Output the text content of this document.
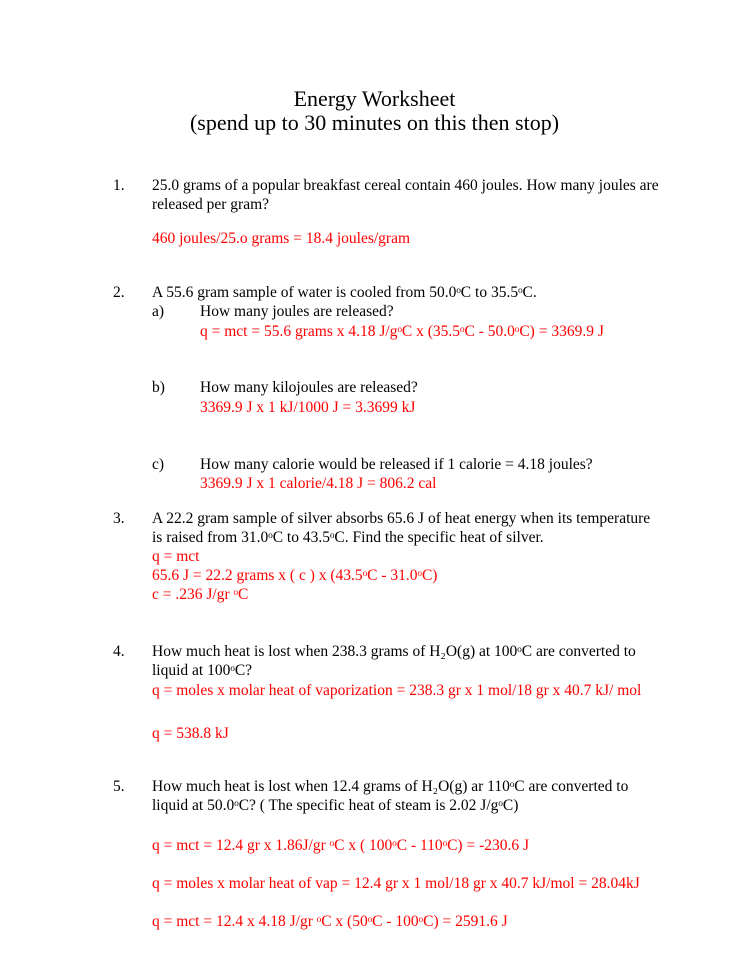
Energy Worksheet
(spend up to 30 minutes on this then stop)
1. 25.0 grams of a popular breakfast cereal contain 460 joules. How many joules are
released per gram?
460 joules/25.o grams = 18.4 joules/gram
2. A 55.6 gram sample of water is cooled from 50.0ᵒC to 35.5ᵒC.
a) How many joules are released?
q = mct = 55.6 grams x 4.18 J/gᵒC x (35.5ᵒC - 50.0ᵒC) = 3369.9 J
b) How many kilojoules are released?
3369.9 J x 1 kJ/1000 J = 3.3699 kJ
c) How many calorie would be released if 1 calorie = 4.18 joules?
3369.9 J x 1 calorie/4.18 J = 806.2 cal
3. A 22.2 gram sample of silver absorbs 65.6 J of heat energy when its temperature
is raised from 31.0ᵒC to 43.5ᵒC. Find the specific heat of silver.
q = mct
65.6 J = 22.2 grams x ( c ) x (43.5ᵒC - 31.0ᵒC)
c = .236 J/gr ᵒC
4. How much heat is lost when 238.3 grams of H₂O(g) at 100ᵒC are converted to
liquid at 100ᵒC?
q = moles x molar heat of vaporization = 238.3 gr x 1 mol/18 gr x 40.7 kJ/ mol
q = 538.8 kJ
5. How much heat is lost when 12.4 grams of H₂O(g) ar 110ᵒC are converted to
liquid at 50.0ᵒC? ( The specific heat of steam is 2.02 J/gᵒC)
q = mct = 12.4 gr x 1.86J/gr ᵒC x ( 100ᵒC - 110ᵒC) = -230.6 J
q = moles x molar heat of vap = 12.4 gr x 1 mol/18 gr x 40.7 kJ/mol = 28.04kJ
q = mct = 12.4 x 4.18 J/gr ᵒC x (50ᵒC - 100ᵒC) = 2591.6 J
